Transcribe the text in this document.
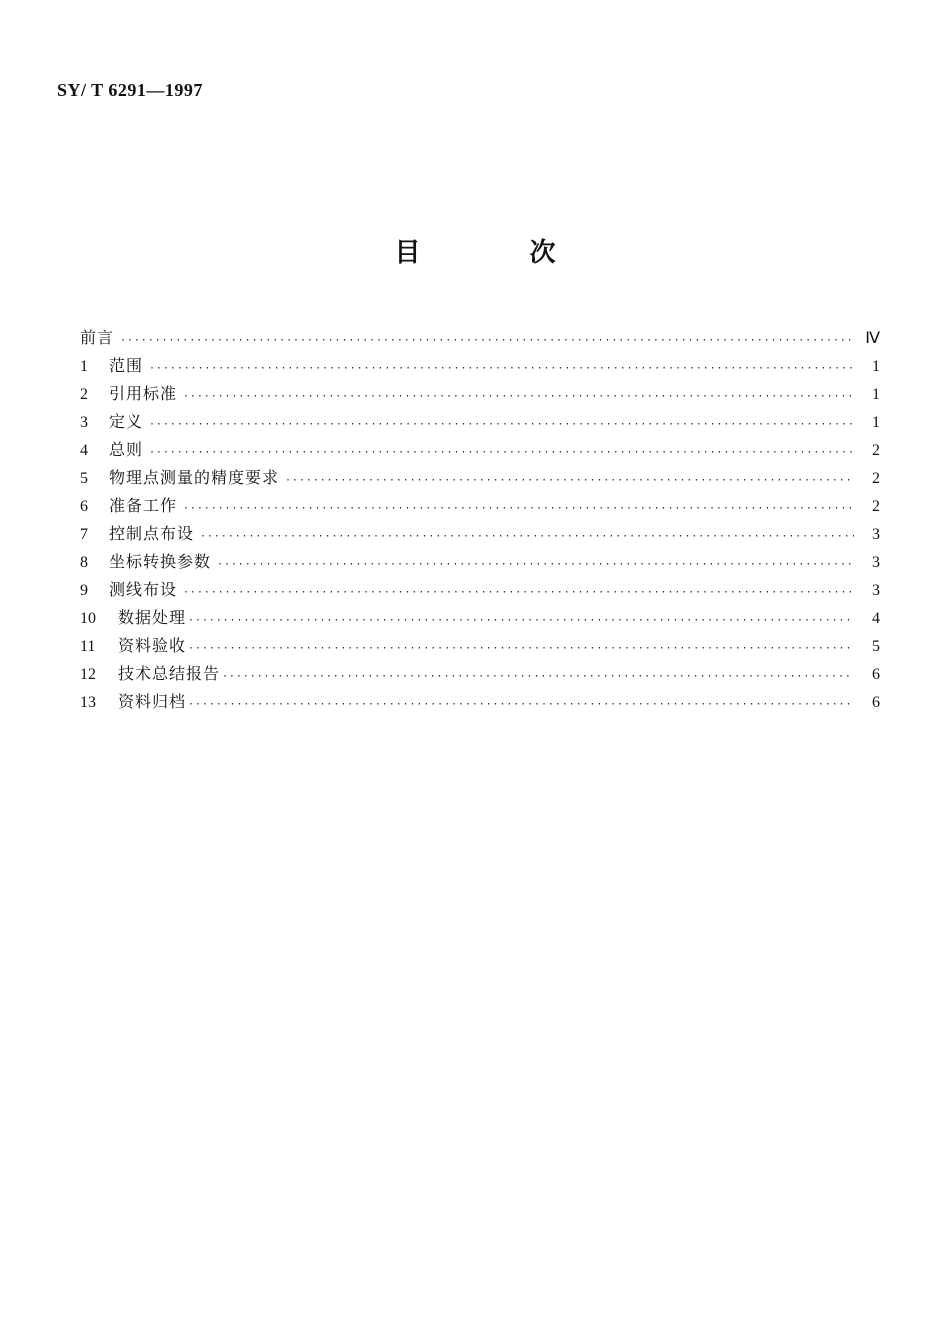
SY/ T 6291—1997
目 次
前言 ·····	Ⅳ
1	范围 ·····	1
2	引用标准 ·····	1
3	定义 ·····	1
4	总则 ·····	2
5	物理点测量的精度要求 ·····	2
6	准备工作 ·····	2
7	控制点布设 ·····	3
8	坐标转换参数 ·····	3
9	测线布设 ·····	3
10	数据处理 ·····	4
11	资料验收 ·····	5
12	技术总结报告 ·····	6
13	资料归档 ·····	6
